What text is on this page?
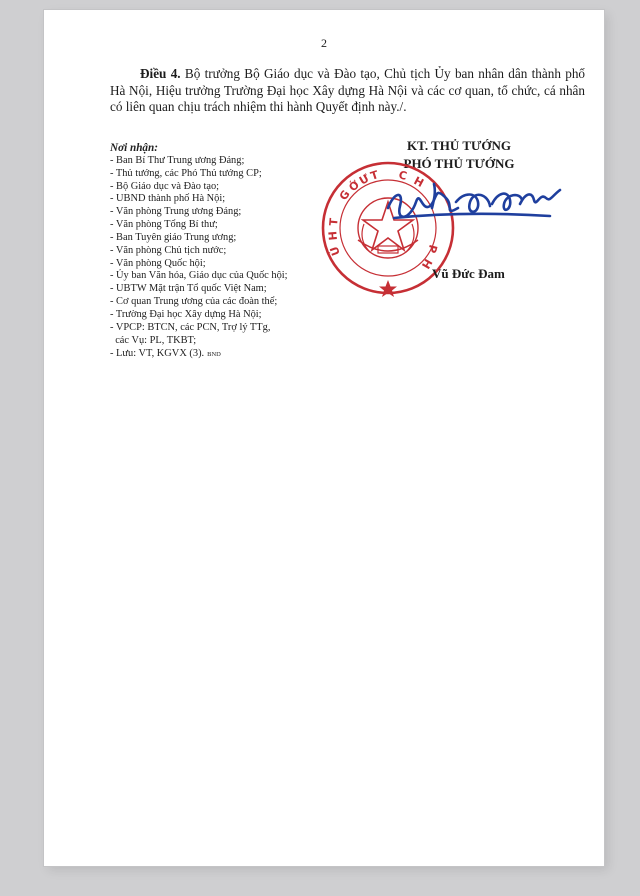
2
Điều 4. Bộ trưởng Bộ Giáo dục và Đào tạo, Chủ tịch Ủy ban nhân dân thành phố Hà Nội, Hiệu trưởng Trường Đại học Xây dựng Hà Nội và các cơ quan, tổ chức, cá nhân có liên quan chịu trách nhiệm thi hành Quyết định này./.
Nơi nhận:
- Ban Bí Thư Trung ương Đảng;
- Thủ tướng, các Phó Thủ tướng CP;
- Bộ Giáo dục và Đào tạo;
- UBND thành phố Hà Nội;
- Văn phòng Trung ương Đảng;
- Văn phòng Tổng Bí thư;
- Ban Tuyên giáo Trung ương;
- Văn phòng Chủ tịch nước;
- Văn phòng Quốc hội;
- Ủy ban Văn hóa, Giáo dục của Quốc hội;
- UBTW Mặt trận Tổ quốc Việt Nam;
- Cơ quan Trung ương của các đoàn thể;
- Trường Đại học Xây dựng Hà Nội;
- VPCP: BTCN, các PCN, Trợ lý TTg,
các Vụ: PL, TKBT;
- Lưu: VT, KGVX (3). BND
KT. THỦ TƯỚNG
PHÓ THỦ TƯỚNG
T
Ư
Ớ
G
T
H
Ủ
C H
P
H
Vũ Đức Đam
